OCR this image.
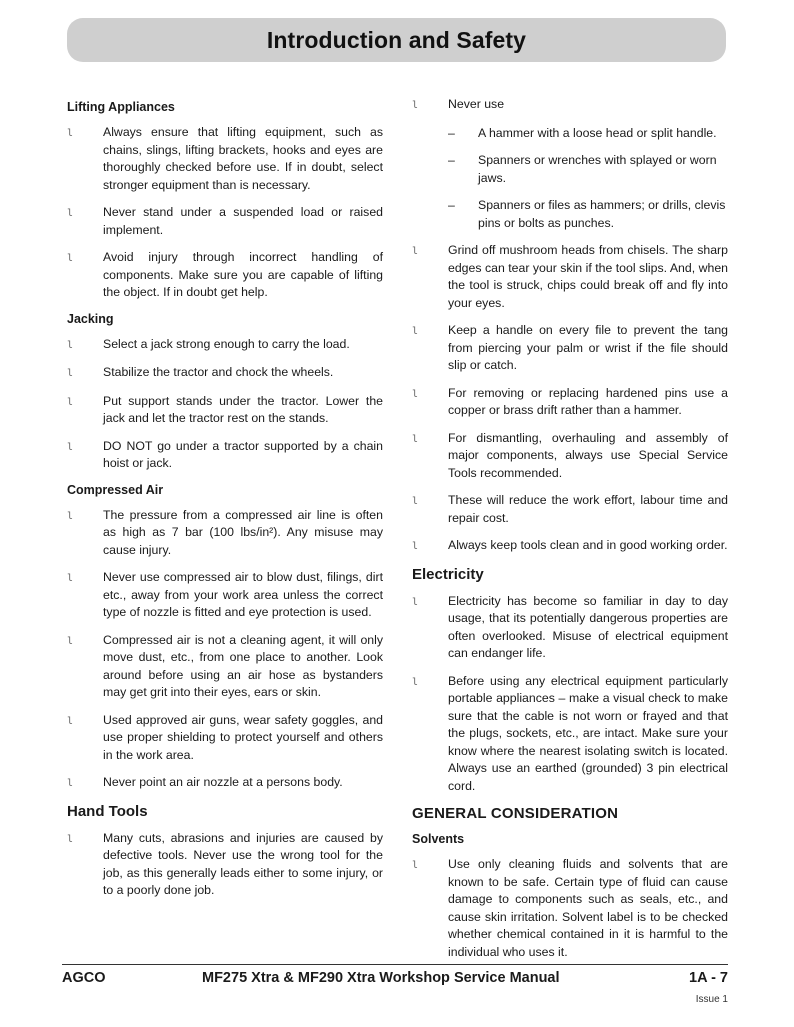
Introduction and Safety
Lifting Appliances
l	Always ensure that lifting equipment, such as chains, slings, lifting brackets, hooks and eyes are thoroughly checked before use. If in doubt, select stronger equipment than is necessary.
l	Never stand under a suspended load or raised implement.
l	Avoid injury through incorrect handling of components. Make sure you are capable of lifting the object. If in doubt get help.
Jacking
l	Select a jack strong enough to carry the load.
l	Stabilize the tractor and chock the wheels.
l	Put support stands under the tractor. Lower the jack and let the tractor rest on the stands.
l	DO NOT go under a tractor supported by a chain hoist or jack.
Compressed Air
l	The pressure from a compressed air line is often as high as 7 bar (100 lbs/in²). Any misuse may cause injury.
l	Never use compressed air to blow dust, filings, dirt etc., away from your work area unless the correct type of nozzle is fitted and eye protection is used.
l	Compressed air is not a cleaning agent, it will only move dust, etc., from one place to another. Look around before using an air hose as bystanders may get grit into their eyes, ears or skin.
l	Used approved air guns, wear safety goggles, and use proper shielding to protect yourself and others in the work area.
l	Never point an air nozzle at a persons body.
Hand Tools
l	Many cuts, abrasions and injuries are caused by defective tools. Never use the wrong tool for the job, as this generally leads either to some injury, or to a poorly done job.
l	Never use
–	A hammer with a loose head or split handle.
–	Spanners or wrenches with splayed or worn jaws.
–	Spanners or files as hammers; or drills, clevis pins or bolts as punches.
l	Grind off mushroom heads from chisels. The sharp edges can tear your skin if the tool slips. And, when the tool is struck, chips could break off and fly into your eyes.
l	Keep a handle on every file to prevent the tang from piercing your palm or wrist if the file should slip or catch.
l	For removing or replacing hardened pins use a copper or brass drift rather than a hammer.
l	For dismantling, overhauling and assembly of major components, always use Special Service Tools recommended.
l	These will reduce the work effort, labour time and repair cost.
l	Always keep tools clean and in good working order.
Electricity
l	Electricity has become so familiar in day to day usage, that its potentially dangerous properties are often overlooked. Misuse of electrical equipment can endanger life.
l	Before using any electrical equipment particularly portable appliances – make a visual check to make sure that the cable is not worn or frayed and that the plugs, sockets, etc., are intact. Make sure your know where the nearest isolating switch is located. Always use an earthed (grounded) 3 pin electrical cord.
GENERAL CONSIDERATION
Solvents
l	Use only cleaning fluids and solvents that are known to be safe. Certain type of fluid can cause damage to components such as seals, etc., and cause skin irritation. Solvent label is to be checked whether chemical contained in it is harmful to the individual who uses it.
AGCO	MF275 Xtra & MF290 Xtra Workshop Service Manual	1A - 7
Issue 1
